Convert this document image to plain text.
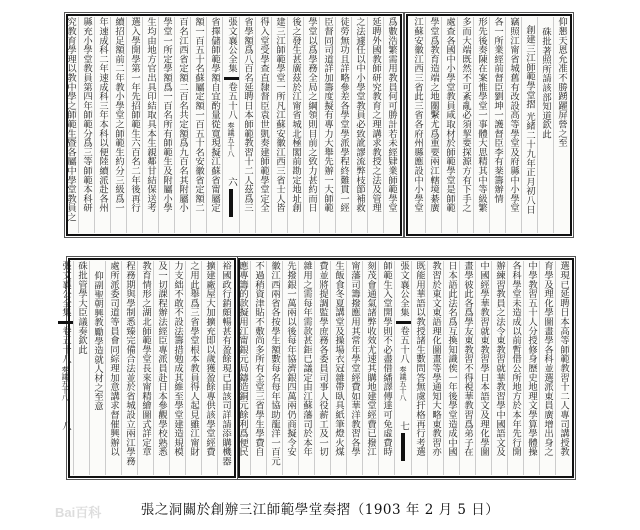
爲數浩繁需用教員何可勝計若未經肄業師範學堂
延聘外國教師研究教育之理講求教授之法及管理
之法遽任以中小學堂教員必致訛謬流弊枝節補救
徒勞無功且詳略參差各學堂學派學程終難貫一經
臣督同司道詳加籌度擬有專力大舉先辦一大師範
學堂以爲學務全局之綱領則目前之致力甚約而日
後之發生甚廣茲於江甯省城北極閣前勘定地址創
建三江師範學堂一所凡江蘇安徽江西三省士人皆
得入堂受學查直隸督臣袁世凱奏建師範學堂定全
省學額爲八百名延聘日本師範教習十二人茲爲三
張文襄公全集卷五十八 奏議五十八六
省擇儲師範學額自宜酌量從寬現擬江蘇省甯屬定
額一百五十名蘇屬定額一百五十名安徽省定額二
百名江西省定額二百名共定額爲九百名其附屬小
學堂一所定學額爲一百名所有師範生及附屬小學
生均由地方官出具印結取具本生親鄰甘結保送考
選入學開學第一年先招師範生六百名二年後再行
續招足額前二年教小學堂之師範生約分三級爲一
年速成科二年速成科三年本科以便陸續派赴各州
縣充小學堂教員第四年師範分爲三等師範本科研
究教育學理以教中學之師範生暨各屬中學堂教員之	仰懇天恩允准不勝踴躍屏營之至
硃批著照所請該部知道欽此
創建三江師範學堂摺 光緒二十九年正月初八日
竊照江甯省城舊有改設高等學堂及府縣中小學堂
各一所業經前督臣劉坤一護督臣李有棻籌辦情
形先後奏陳在案惟學堂一事體大思精其中等級繁
多而大端既然不可紊亂必須挈要探源方有下手之
處查各國中小學堂教員咸取材於師範學堂是師範
學堂爲教育造端之地關繫尤爲重要兩江轄境綦廣
江蘇安徽江西三省此三省各府州縣應設中小學堂
選現已延聘日本高等師範教習十二人專司講授教
育學及理化學圖畫學各科並選派東員廣增出身之
中學教習五十人分授修身歷史地理文學算學體操
各科學堂未造成以前暫借公所地方於本年先行開
辦練習教員之法令東教習就華教習學中國語文及
中國經學華教習就東教習學日本語文及理化學圖
畫學彼此各爲學友東教習不得視華教習爲弟子在
日本語此法名爲互換知識俟一年後學堂造成中國
教習於東文東語理化圖畫等學通知大略東教習亦
既能用華語以教授諸生數問答無虞扞格再行考選
張文襄公全集卷五十八 奏議五十八七
師範生入堂開學則不必盡借繙譯傳達可免虛費時
刻茂會通氣諸弊收效尤速其購地建堂經費已撥江
甯藩司籌撥應用其常年學堂經費如華洋教習各學
生飯食冬夏講堂及操場衣冠雜帶臥具紙筆燈火煤
費並將提調監學庶務各委員司事人役薪工及一切
雜用之需每年需款甚鉅已議定由江蘇藩司於本年
先撥銀一萬兩以後每年協濟銀四萬兩仍商擬令安
徽江西兩省各按學生額數每名每年協助龍洋一百元
不過稍資津貼不敷尚多所有全堂三省學生學費自
應專籌的款擬用江甯銀元局鑄造銅元餘利爲便民
裕國政行銷頗暢甚有盈餘現已由該司詳請添購機器
擴建廠屋大加擴充即以歲獲盈餘專供該學堂經費
之用此舉爲三省學堂根本教員得人起見雖江甯財
力支絀不敢不設法籌措勉成其維至學堂建造規模
及一切課程辦法經臣專派員赴日本參觀學校熟悉
教育情形之湖北師範學堂長來甯精繪圖式詳定章
程務期與學制悉臻完備合法並於省城設立兩江學務
處所派委司道等員會同綜理加意講求督催興辦以
仰副聖朝興教勵學造就人材之至意
硃批管學大臣議奏欽此
張文襄公全集卷五十八 奏議五十八八
Bai百科	張之洞關於創辦三江師範學堂奏摺（1903 年 2 月 5 日）
